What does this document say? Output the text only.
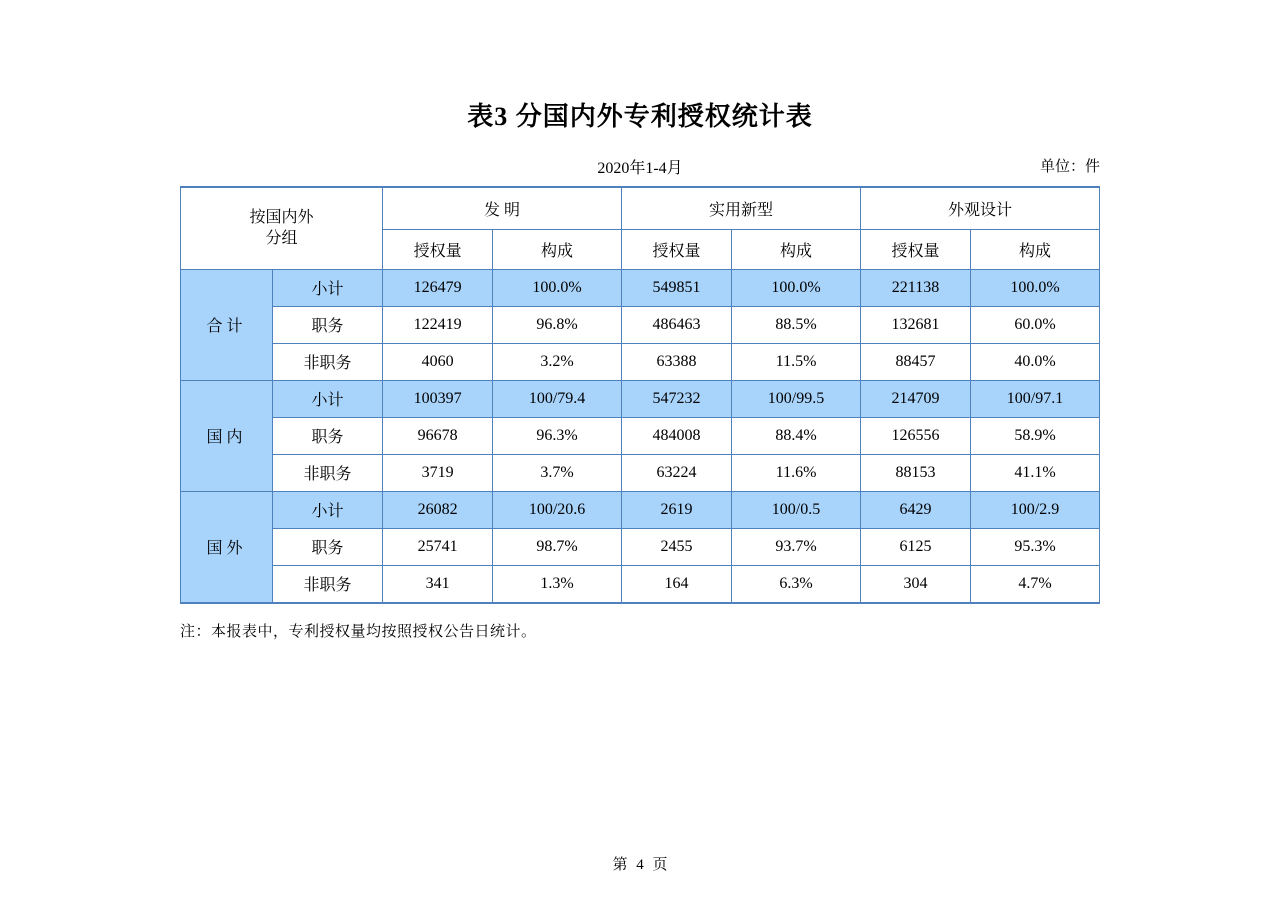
表3 分国内外专利授权统计表
2020年1-4月	单位：件
按国内外
分组		发 明		实用新型		外观设计	
		授权量	构成	授权量	构成	授权量	构成
合计	小计	126479	100.0%	549851	100.0%	221138	100.0%
	职务	122419	96.8%	486463	88.5%	132681	60.0%
	非职务	4060	3.2%	63388	11.5%	88457	40.0%
国内	小计	100397	100/79.4	547232	100/99.5	214709	100/97.1
	职务	96678	96.3%	484008	88.4%	126556	58.9%
	非职务	3719	3.7%	63224	11.6%	88153	41.1%
国外	小计	26082	100/20.6	2619	100/0.5	6429	100/2.9
	职务	25741	98.7%	2455	93.7%	6125	95.3%
	非职务	341	1.3%	164	6.3%	304	4.7%
注：本报表中，专利授权量均按照授权公告日统计。
第 4 页
